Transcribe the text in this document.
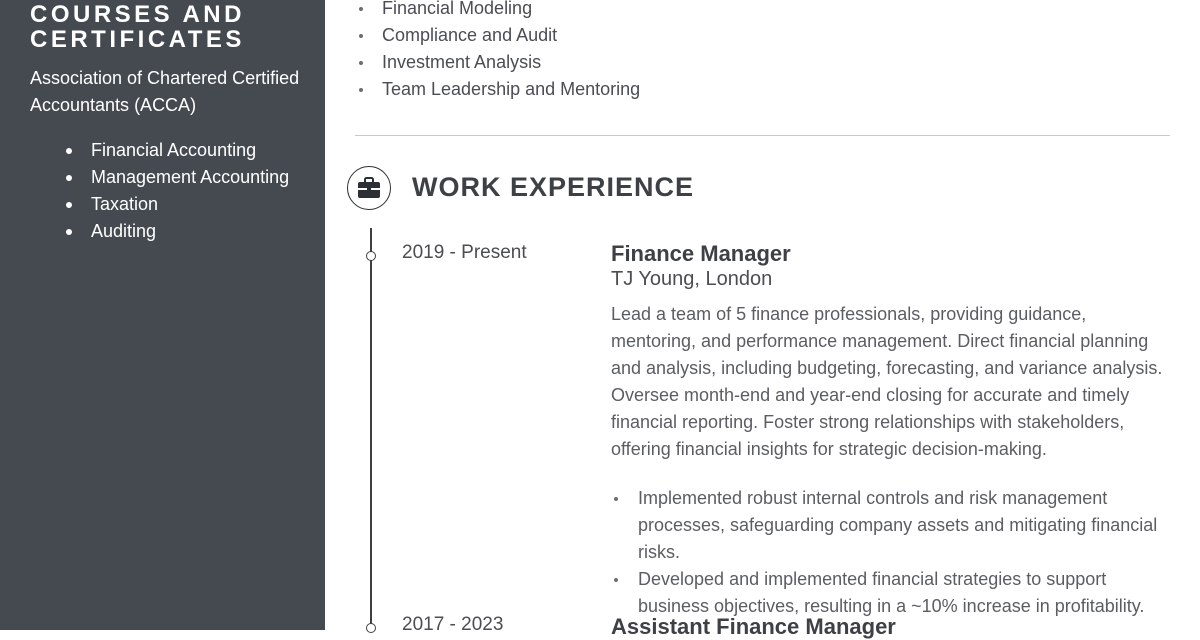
COURSES AND CERTIFICATES

Association of Chartered Certified Accountants (ACCA)

Financial Accounting
Management Accounting
Taxation
Auditing
Financial Modeling
Compliance and Audit
Investment Analysis
Team Leadership and Mentoring
WORK EXPERIENCE
2019 - Present	Finance Manager

TJ Young, London

Lead a team of 5 finance professionals, providing guidance, mentoring, and performance management. Direct financial planning and analysis, including budgeting, forecasting, and variance analysis. Oversee month-end and year-end closing for accurate and timely financial reporting. Foster strong relationships with stakeholders, offering financial insights for strategic decision-making.

Implemented robust internal controls and risk management processes, safeguarding company assets and mitigating financial risks.
Developed and implemented financial strategies to support business objectives, resulting in a ~10% increase in profitability.
2017 - 2023	Assistant Finance Manager
